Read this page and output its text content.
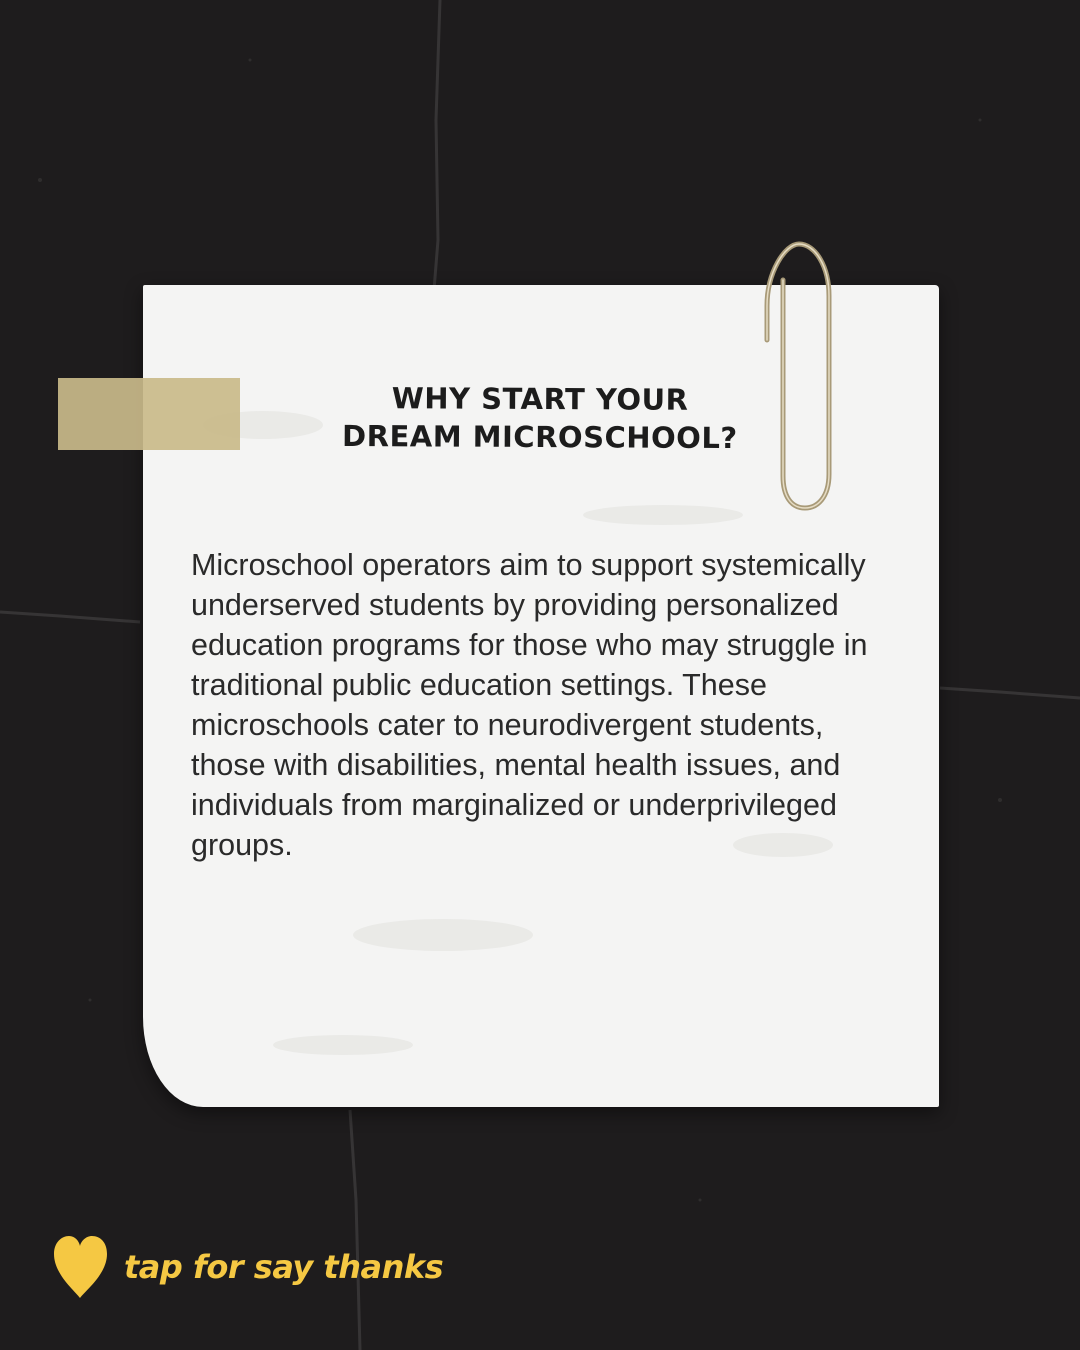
WHY START YOUR DREAM MICROSCHOOL?
Microschool operators aim to support systemically underserved students by providing personalized education programs for those who may struggle in traditional public education settings. These microschools cater to neurodivergent students, those with disabilities, mental health issues, and individuals from marginalized or underprivileged groups.
tap for say thanks
